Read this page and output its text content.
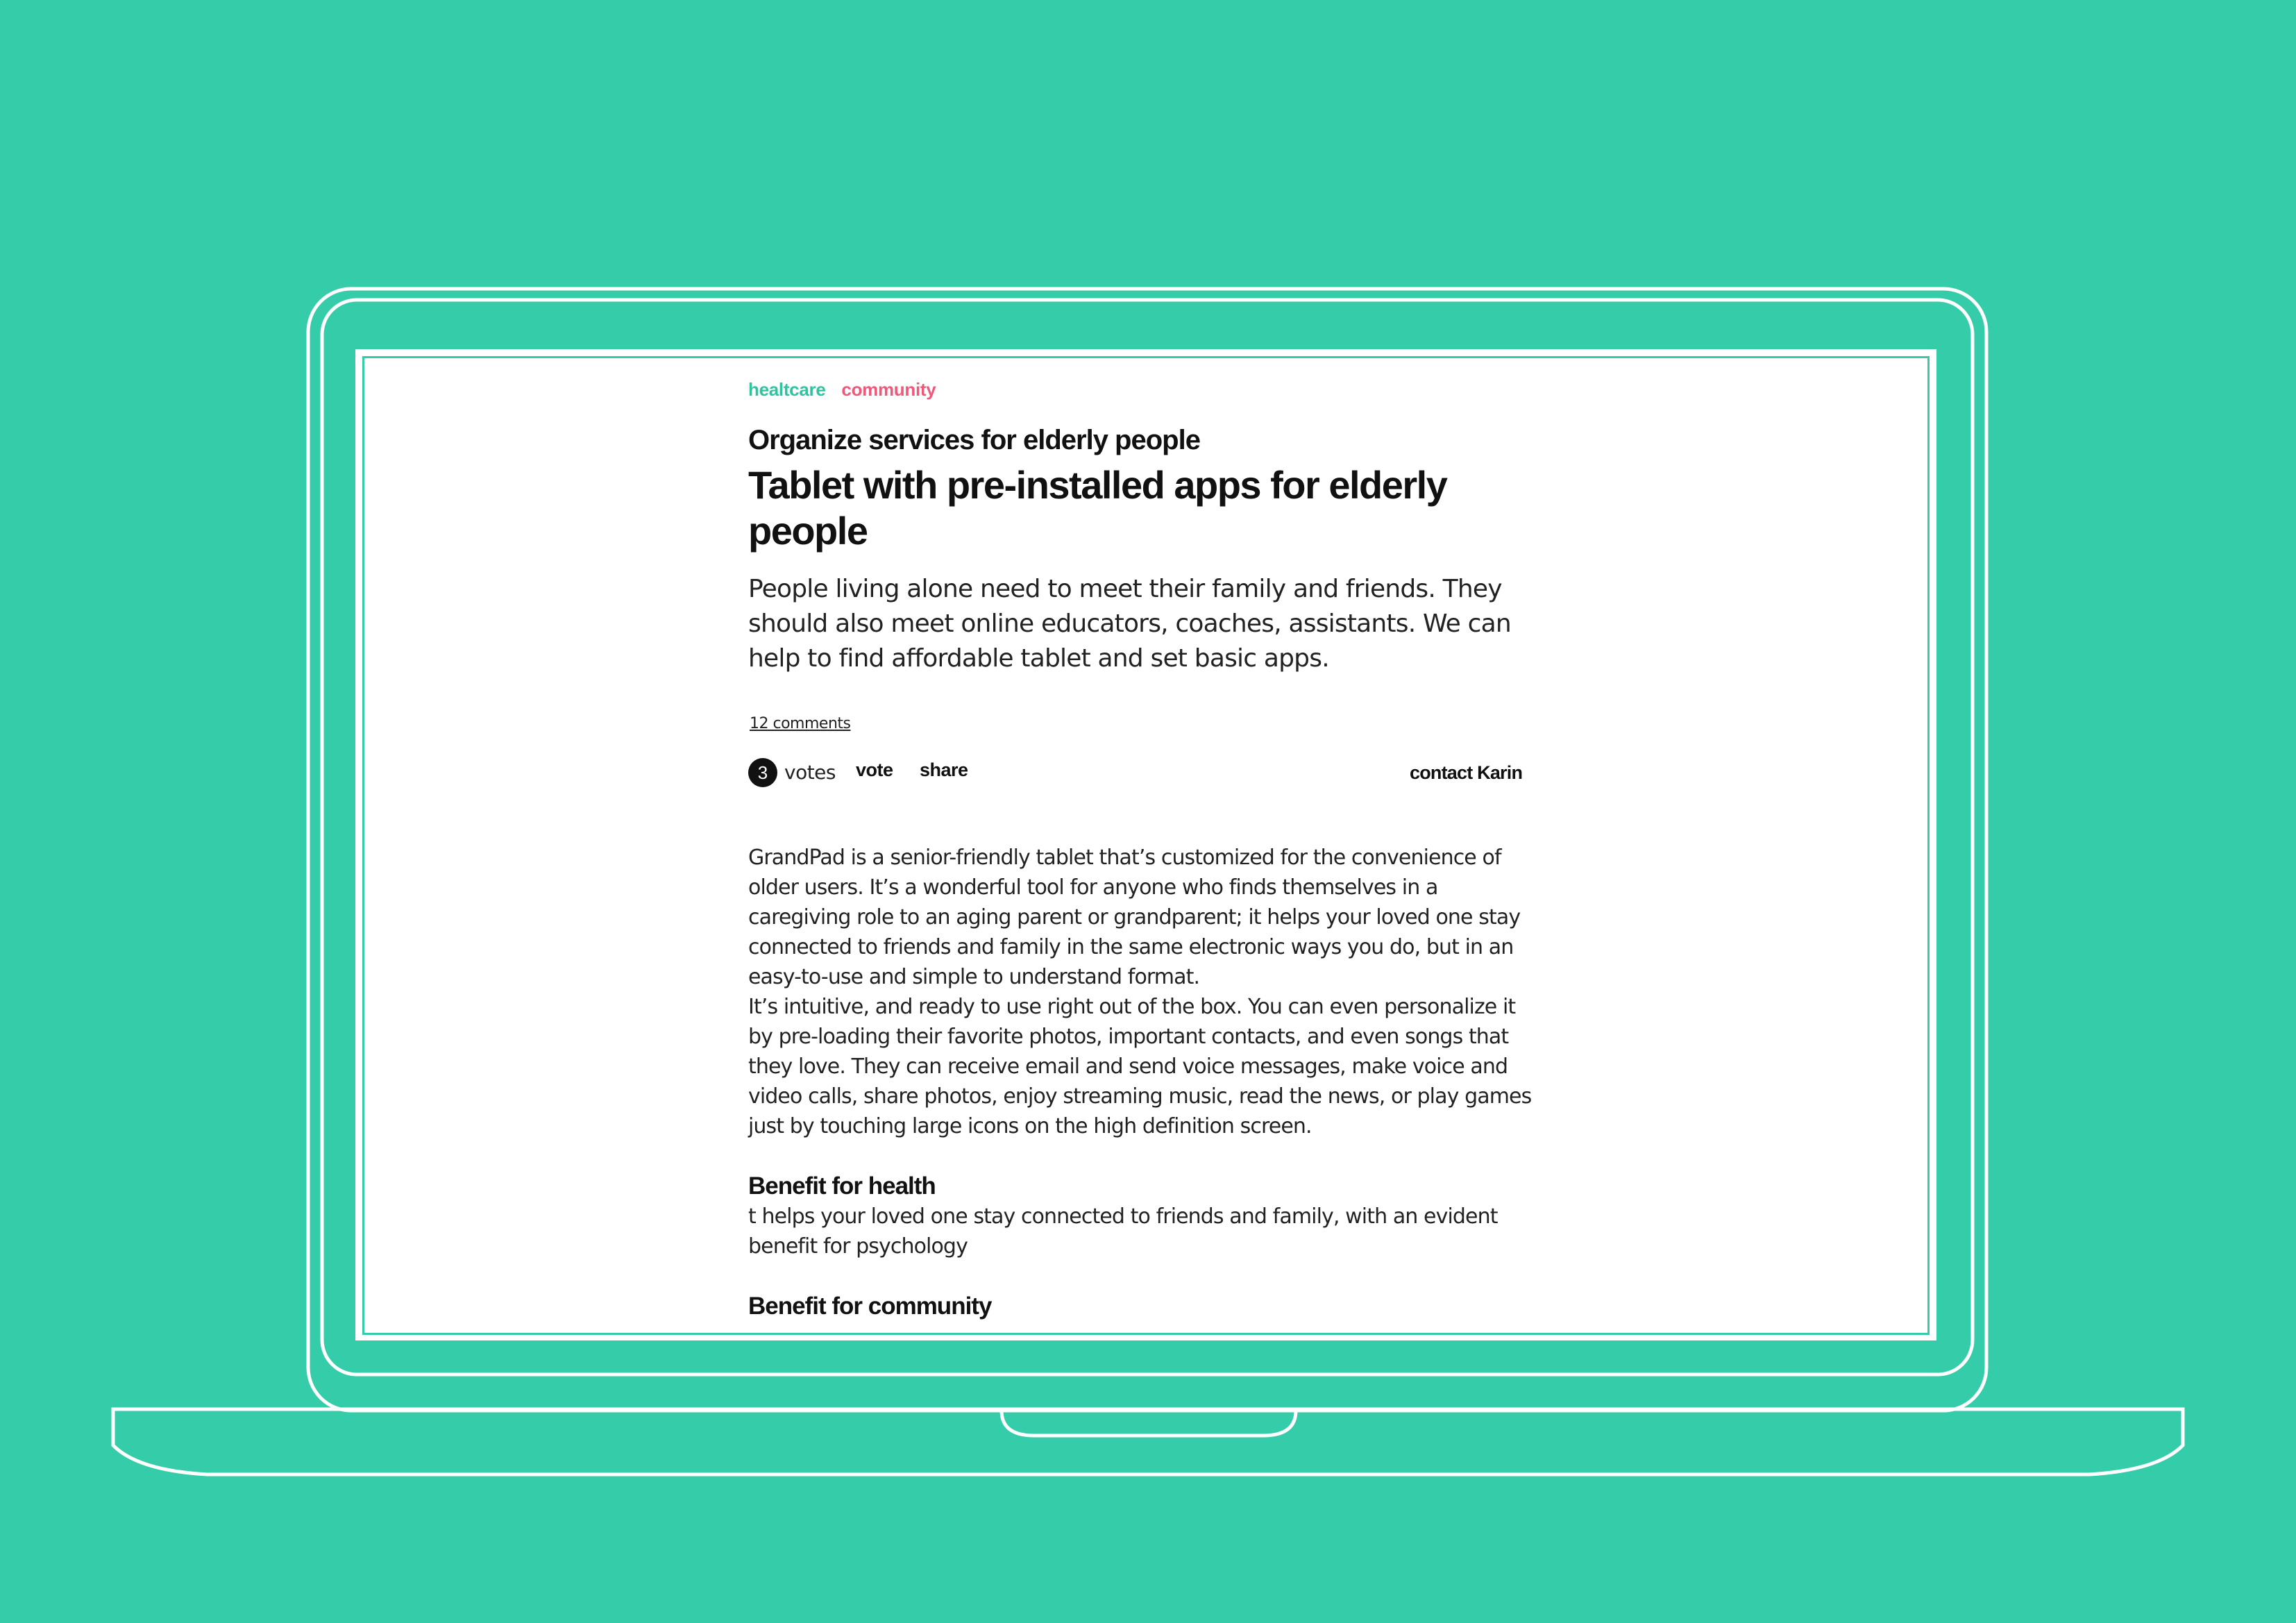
healtcare community
Organize services for elderly people
Tablet with pre-installed apps for elderly people
People living alone need to meet their family and friends. They should also meet online educators, coaches, assistants. We can help to find affordable tablet and set basic apps.
12 comments
3 votes vote share	contact Karin

GrandPad is a senior-friendly tablet that’s customized for the convenience of older users. It’s a wonderful tool for anyone who finds themselves in a caregiving role to an aging parent or grandparent; it helps your loved one stay connected to friends and family in the same electronic ways you do, but in an easy-to-use and simple to understand format.

It’s intuitive, and ready to use right out of the box. You can even personalize it by pre-loading their favorite photos, important contacts, and even songs that they love. They can receive email and send voice messages, make voice and video calls, share photos, enjoy streaming music, read the news, or play games just by touching large icons on the high definition screen.

Benefit for health

t helps your loved one stay connected to friends and family, with an evident benefit for psychology

Benefit for community
